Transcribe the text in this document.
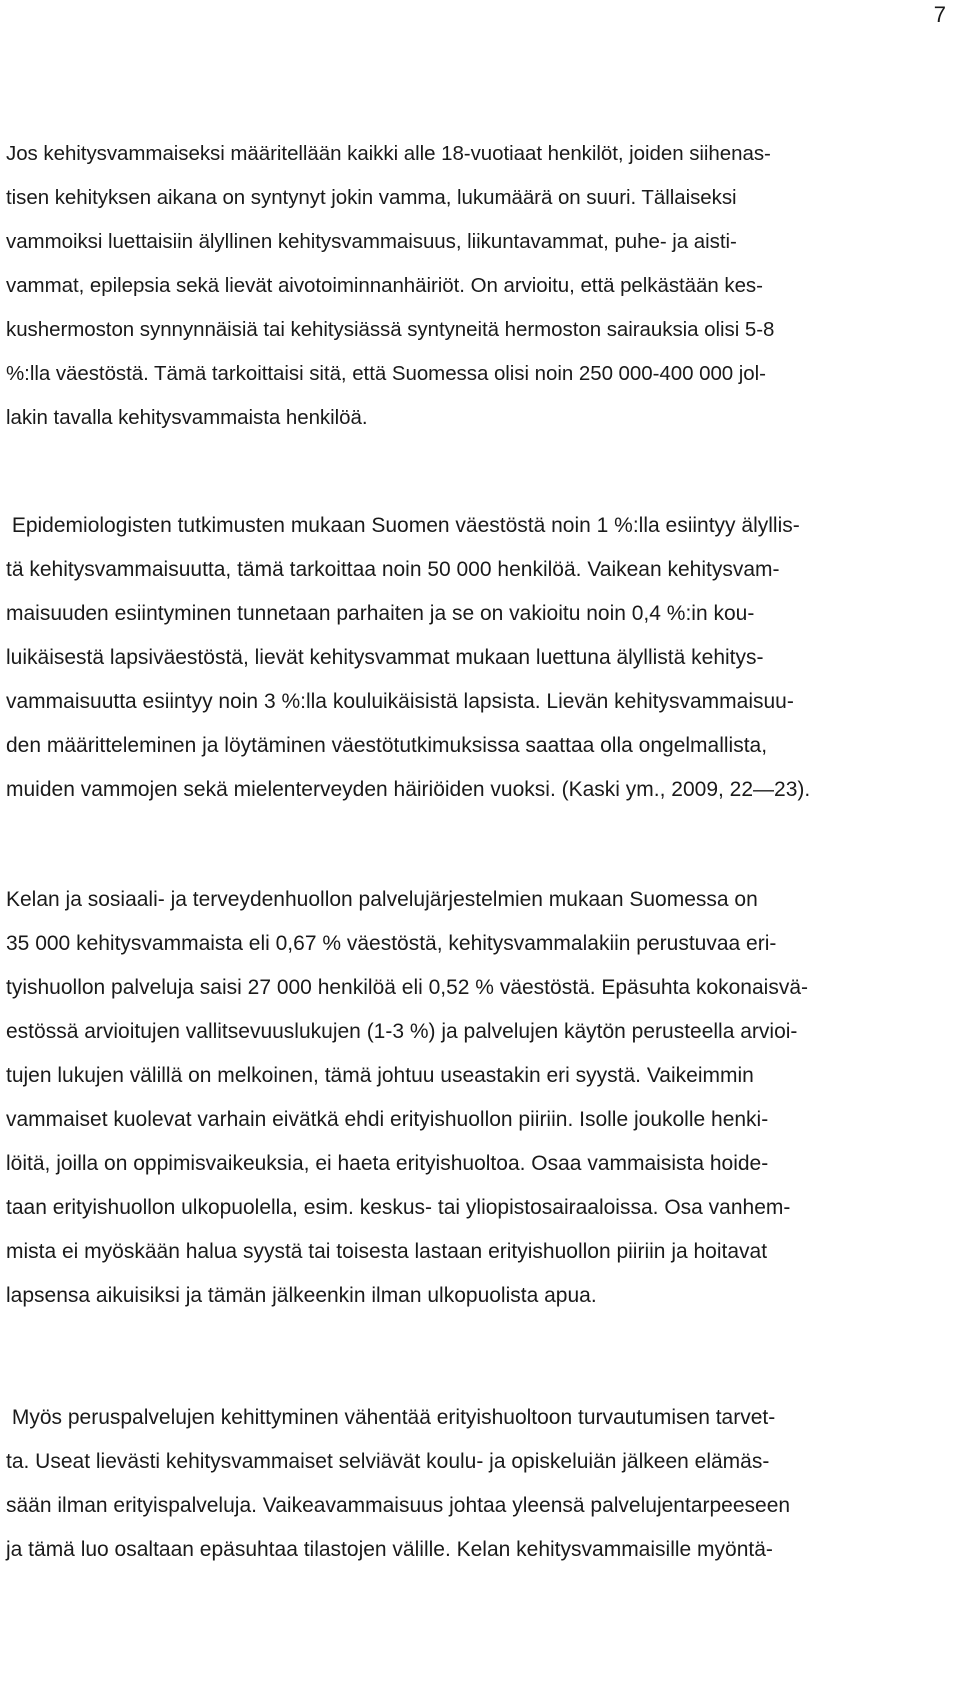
7
Jos kehitysvammaiseksi määritellään kaikki alle 18-vuotiaat henkilöt, joiden siihenas-
tisen kehityksen aikana on syntynyt jokin vamma, lukumäärä on suuri. Tällaiseksi
vammoiksi luettaisiin älyllinen kehitysvammaisuus, liikuntavammat, puhe- ja aisti-
vammat, epilepsia sekä lievät aivotoiminnanhäiriöt. On arvioitu, että pelkästään kes-
kushermoston synnynnäisiä tai kehitysiässä syntyneitä hermoston sairauksia olisi 5-8
%:lla väestöstä. Tämä tarkoittaisi sitä, että Suomessa olisi noin 250 000-400 000 jol-
lakin tavalla kehitysvammaista henkilöä.
Epidemiologisten tutkimusten mukaan Suomen väestöstä noin 1 %:lla esiintyy älyllis-
tä kehitysvammaisuutta, tämä tarkoittaa noin 50 000 henkilöä. Vaikean kehitysvam-
maisuuden esiintyminen tunnetaan parhaiten ja se on vakioitu noin 0,4 %:in kou-
luikäisestä lapsiväestöstä, lievät kehitysvammat mukaan luettuna älyllistä kehitys-
vammaisuutta esiintyy noin 3 %:lla kouluikäisistä lapsista. Lievän kehitysvammaisuu-
den määritteleminen ja löytäminen väestötutkimuksissa saattaa olla ongelmallista,
muiden vammojen sekä mielenterveyden häiriöiden vuoksi. (Kaski ym., 2009, 22—23).
Kelan ja sosiaali- ja terveydenhuollon palvelujärjestelmien mukaan Suomessa on
35 000 kehitysvammaista eli 0,67 % väestöstä, kehitysvammalakiin perustuvaa eri-
tyishuollon palveluja saisi 27 000 henkilöä eli 0,52 % väestöstä. Epäsuhta kokonaisvä-
estössä arvioitujen vallitsevuuslukujen (1-3 %) ja palvelujen käytön perusteella arvioi-
tujen lukujen välillä on melkoinen, tämä johtuu useastakin eri syystä. Vaikeimmin
vammaiset kuolevat varhain eivätkä ehdi erityishuollon piiriin. Isolle joukolle henki-
löitä, joilla on oppimisvaikeuksia, ei haeta erityishuoltoa. Osaa vammaisista hoide-
taan erityishuollon ulkopuolella, esim. keskus- tai yliopistosairaaloissa. Osa vanhem-
mista ei myöskään halua syystä tai toisesta lastaan erityishuollon piiriin ja hoitavat
lapsensa aikuisiksi ja tämän jälkeenkin ilman ulkopuolista apua.
Myös peruspalvelujen kehittyminen vähentää erityishuoltoon turvautumisen tarvet-
ta. Useat lievästi kehitysvammaiset selviävät koulu- ja opiskeluiän jälkeen elämäs-
sään ilman erityispalveluja. Vaikeavammaisuus johtaa yleensä palvelujentarpeeseen
ja tämä luo osaltaan epäsuhtaa tilastojen välille. Kelan kehitysvammaisille myöntä-
